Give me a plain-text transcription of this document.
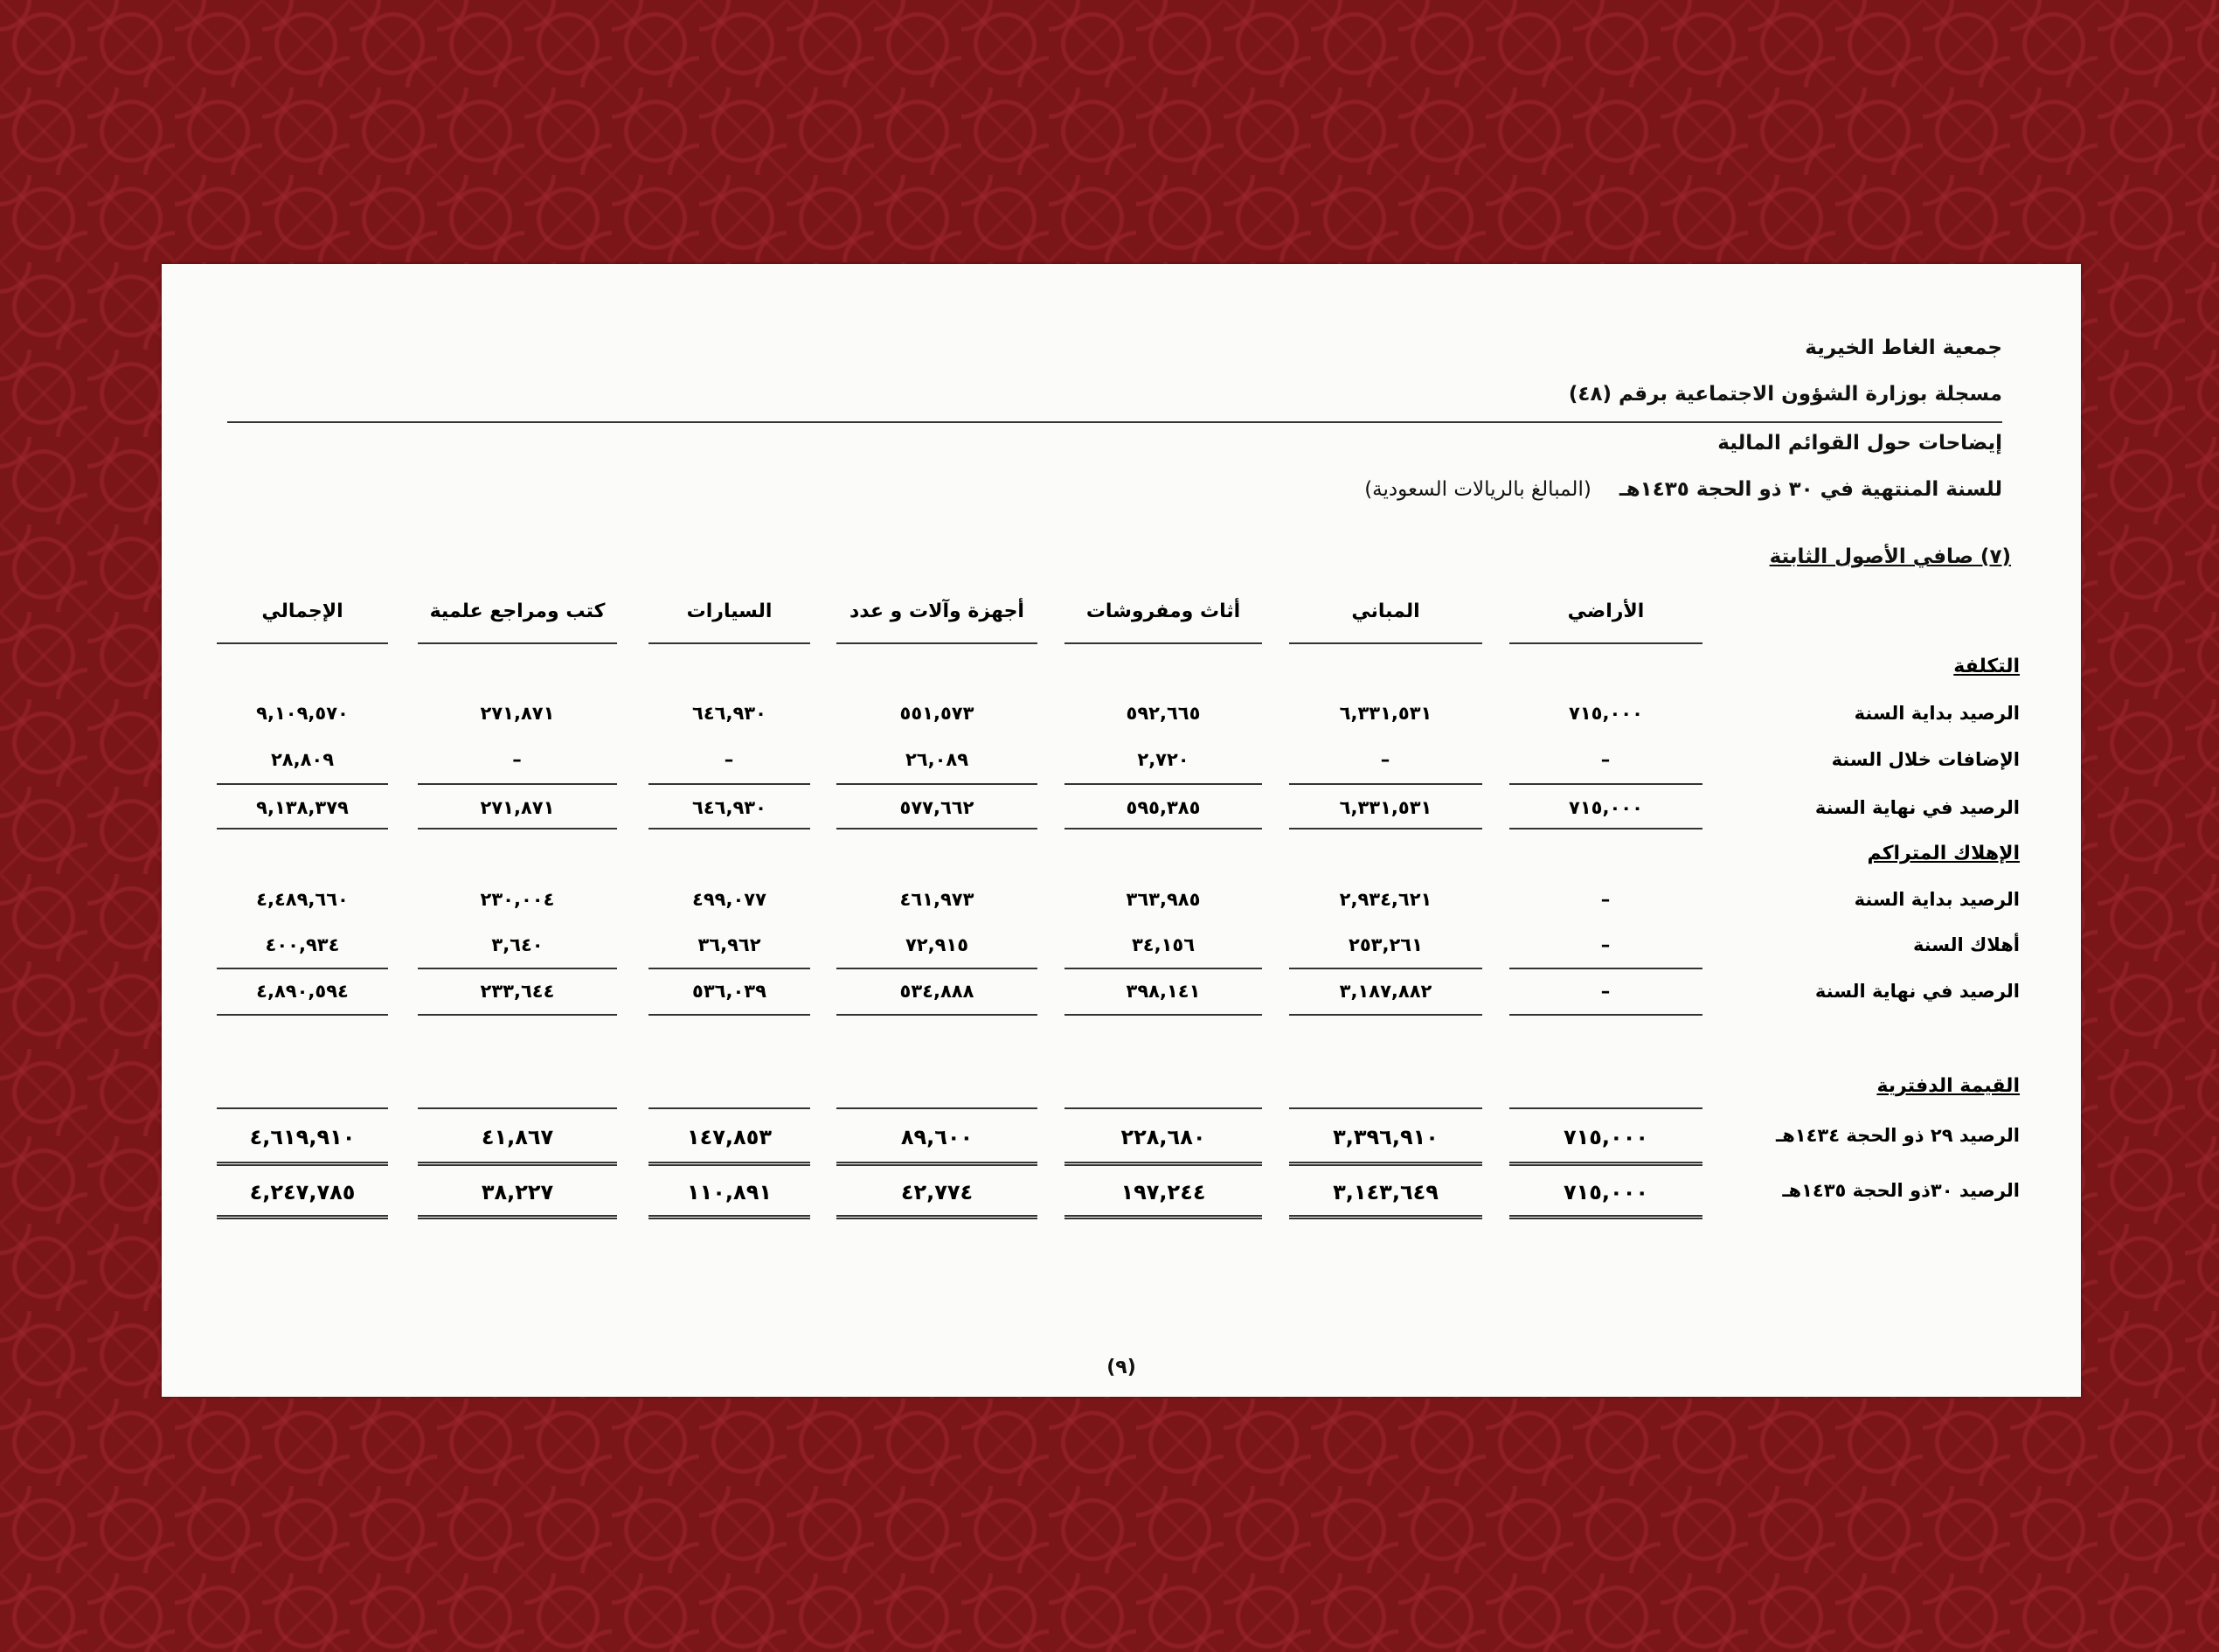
جمعية الغاط الخيرية
مسجلة بوزارة الشؤون الاجتماعية برقم (٤٨)
إيضاحات حول القوائم المالية
للسنة المنتهية في ٣٠ ذو الحجة ١٤٣٥هـ    (المبالغ بالريالات السعودية)
(٧) صافي الأصول الثابتة
الأراضي
المباني
أثاث ومفروشات
أجهزة وآلات و عدد
السيارات
كتب ومراجع علمية
الإجمالي
التكلفة
الرصيد بداية السنة
الإضافات خلال السنة
الرصيد في نهاية السنة
الإهلاك المتراكم
الرصيد بداية السنة
أهلاك السنة
الرصيد في نهاية السنة
القيمة الدفترية
الرصيد ٢٩ ذو الحجة ١٤٣٤هـ
الرصيد ٣٠ذو الحجة ١٤٣٥هـ
٧١٥,٠٠٠
٦,٣٣١,٥٣١
٥٩٢,٦٦٥
٥٥١,٥٧٣
٦٤٦,٩٣٠
٢٧١,٨٧١
٩,١٠٩,٥٧٠
–
–
٢,٧٢٠
٢٦,٠٨٩
–
–
٢٨,٨٠٩
٧١٥,٠٠٠
٦,٣٣١,٥٣١
٥٩٥,٣٨٥
٥٧٧,٦٦٢
٦٤٦,٩٣٠
٢٧١,٨٧١
٩,١٣٨,٣٧٩
–
٢,٩٣٤,٦٢١
٣٦٣,٩٨٥
٤٦١,٩٧٣
٤٩٩,٠٧٧
٢٣٠,٠٠٤
٤,٤٨٩,٦٦٠
–
٢٥٣,٢٦١
٣٤,١٥٦
٧٢,٩١٥
٣٦,٩٦٢
٣,٦٤٠
٤٠٠,٩٣٤
–
٣,١٨٧,٨٨٢
٣٩٨,١٤١
٥٣٤,٨٨٨
٥٣٦,٠٣٩
٢٣٣,٦٤٤
٤,٨٩٠,٥٩٤
٧١٥,٠٠٠
٣,٣٩٦,٩١٠
٢٢٨,٦٨٠
٨٩,٦٠٠
١٤٧,٨٥٣
٤١,٨٦٧
٤,٦١٩,٩١٠
٧١٥,٠٠٠
٣,١٤٣,٦٤٩
١٩٧,٢٤٤
٤٢,٧٧٤
١١٠,٨٩١
٣٨,٢٢٧
٤,٢٤٧,٧٨٥
(٩)
